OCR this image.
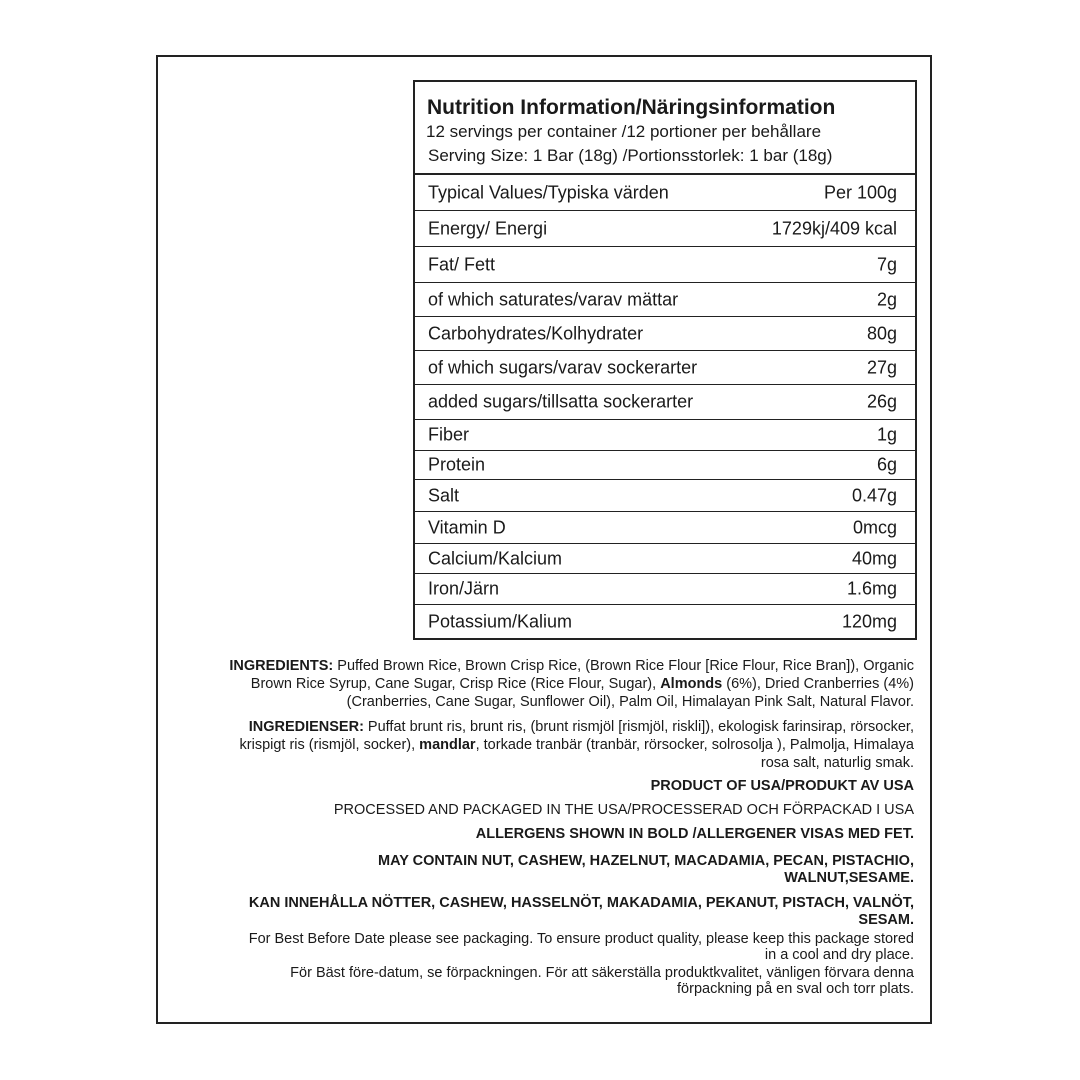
Nutrition Information/Näringsinformation
12 servings per container /12 portioner per behållare
Serving Size: 1 Bar (18g) /Portionsstorlek: 1 bar (18g)
Typical Values/Typiska värden	Per 100g
Energy/ Energi	1729kj/409 kcal
Fat/ Fett	7g
of which saturates/varav mättar	2g
Carbohydrates/Kolhydrater	80g
of which sugars/varav sockerarter	27g
added sugars/tillsatta sockerarter	26g
Fiber	1g
Protein	6g
Salt	0.47g
Vitamin D	0mcg
Calcium/Kalcium	40mg
Iron/Järn	1.6mg
Potassium/Kalium	120mg
INGREDIENTS: Puffed Brown Rice, Brown Crisp Rice, (Brown Rice Flour [Rice Flour, Rice Bran]), Organic
Brown Rice Syrup, Cane Sugar, Crisp Rice (Rice Flour, Sugar), Almonds (6%), Dried Cranberries (4%)
(Cranberries, Cane Sugar, Sunflower Oil), Palm Oil, Himalayan Pink Salt, Natural Flavor.
INGREDIENSER: Puffat brunt ris, brunt ris, (brunt rismjöl [rismjöl, riskli]), ekologisk farinsirap, rörsocker,
krispigt ris (rismjöl, socker), mandlar, torkade tranbär (tranbär, rörsocker, solrosolja ), Palmolja, Himalaya
rosa salt, naturlig smak.
PRODUCT OF USA/PRODUKT AV USA
PROCESSED AND PACKAGED IN THE USA/PROCESSERAD OCH FÖRPACKAD I USA
ALLERGENS SHOWN IN BOLD /ALLERGENER VISAS MED FET.
MAY CONTAIN NUT, CASHEW, HAZELNUT, MACADAMIA, PECAN, PISTACHIO,
WALNUT,SESAME.
KAN INNEHÅLLA NÖTTER, CASHEW, HASSELNÖT, MAKADAMIA, PEKANUT, PISTACH, VALNÖT,
SESAM.
For Best Before Date please see packaging. To ensure product quality, please keep this package stored
in a cool and dry place.
För Bäst före-datum, se förpackningen. För att säkerställa produktkvalitet, vänligen förvara denna
förpackning på en sval och torr plats.
